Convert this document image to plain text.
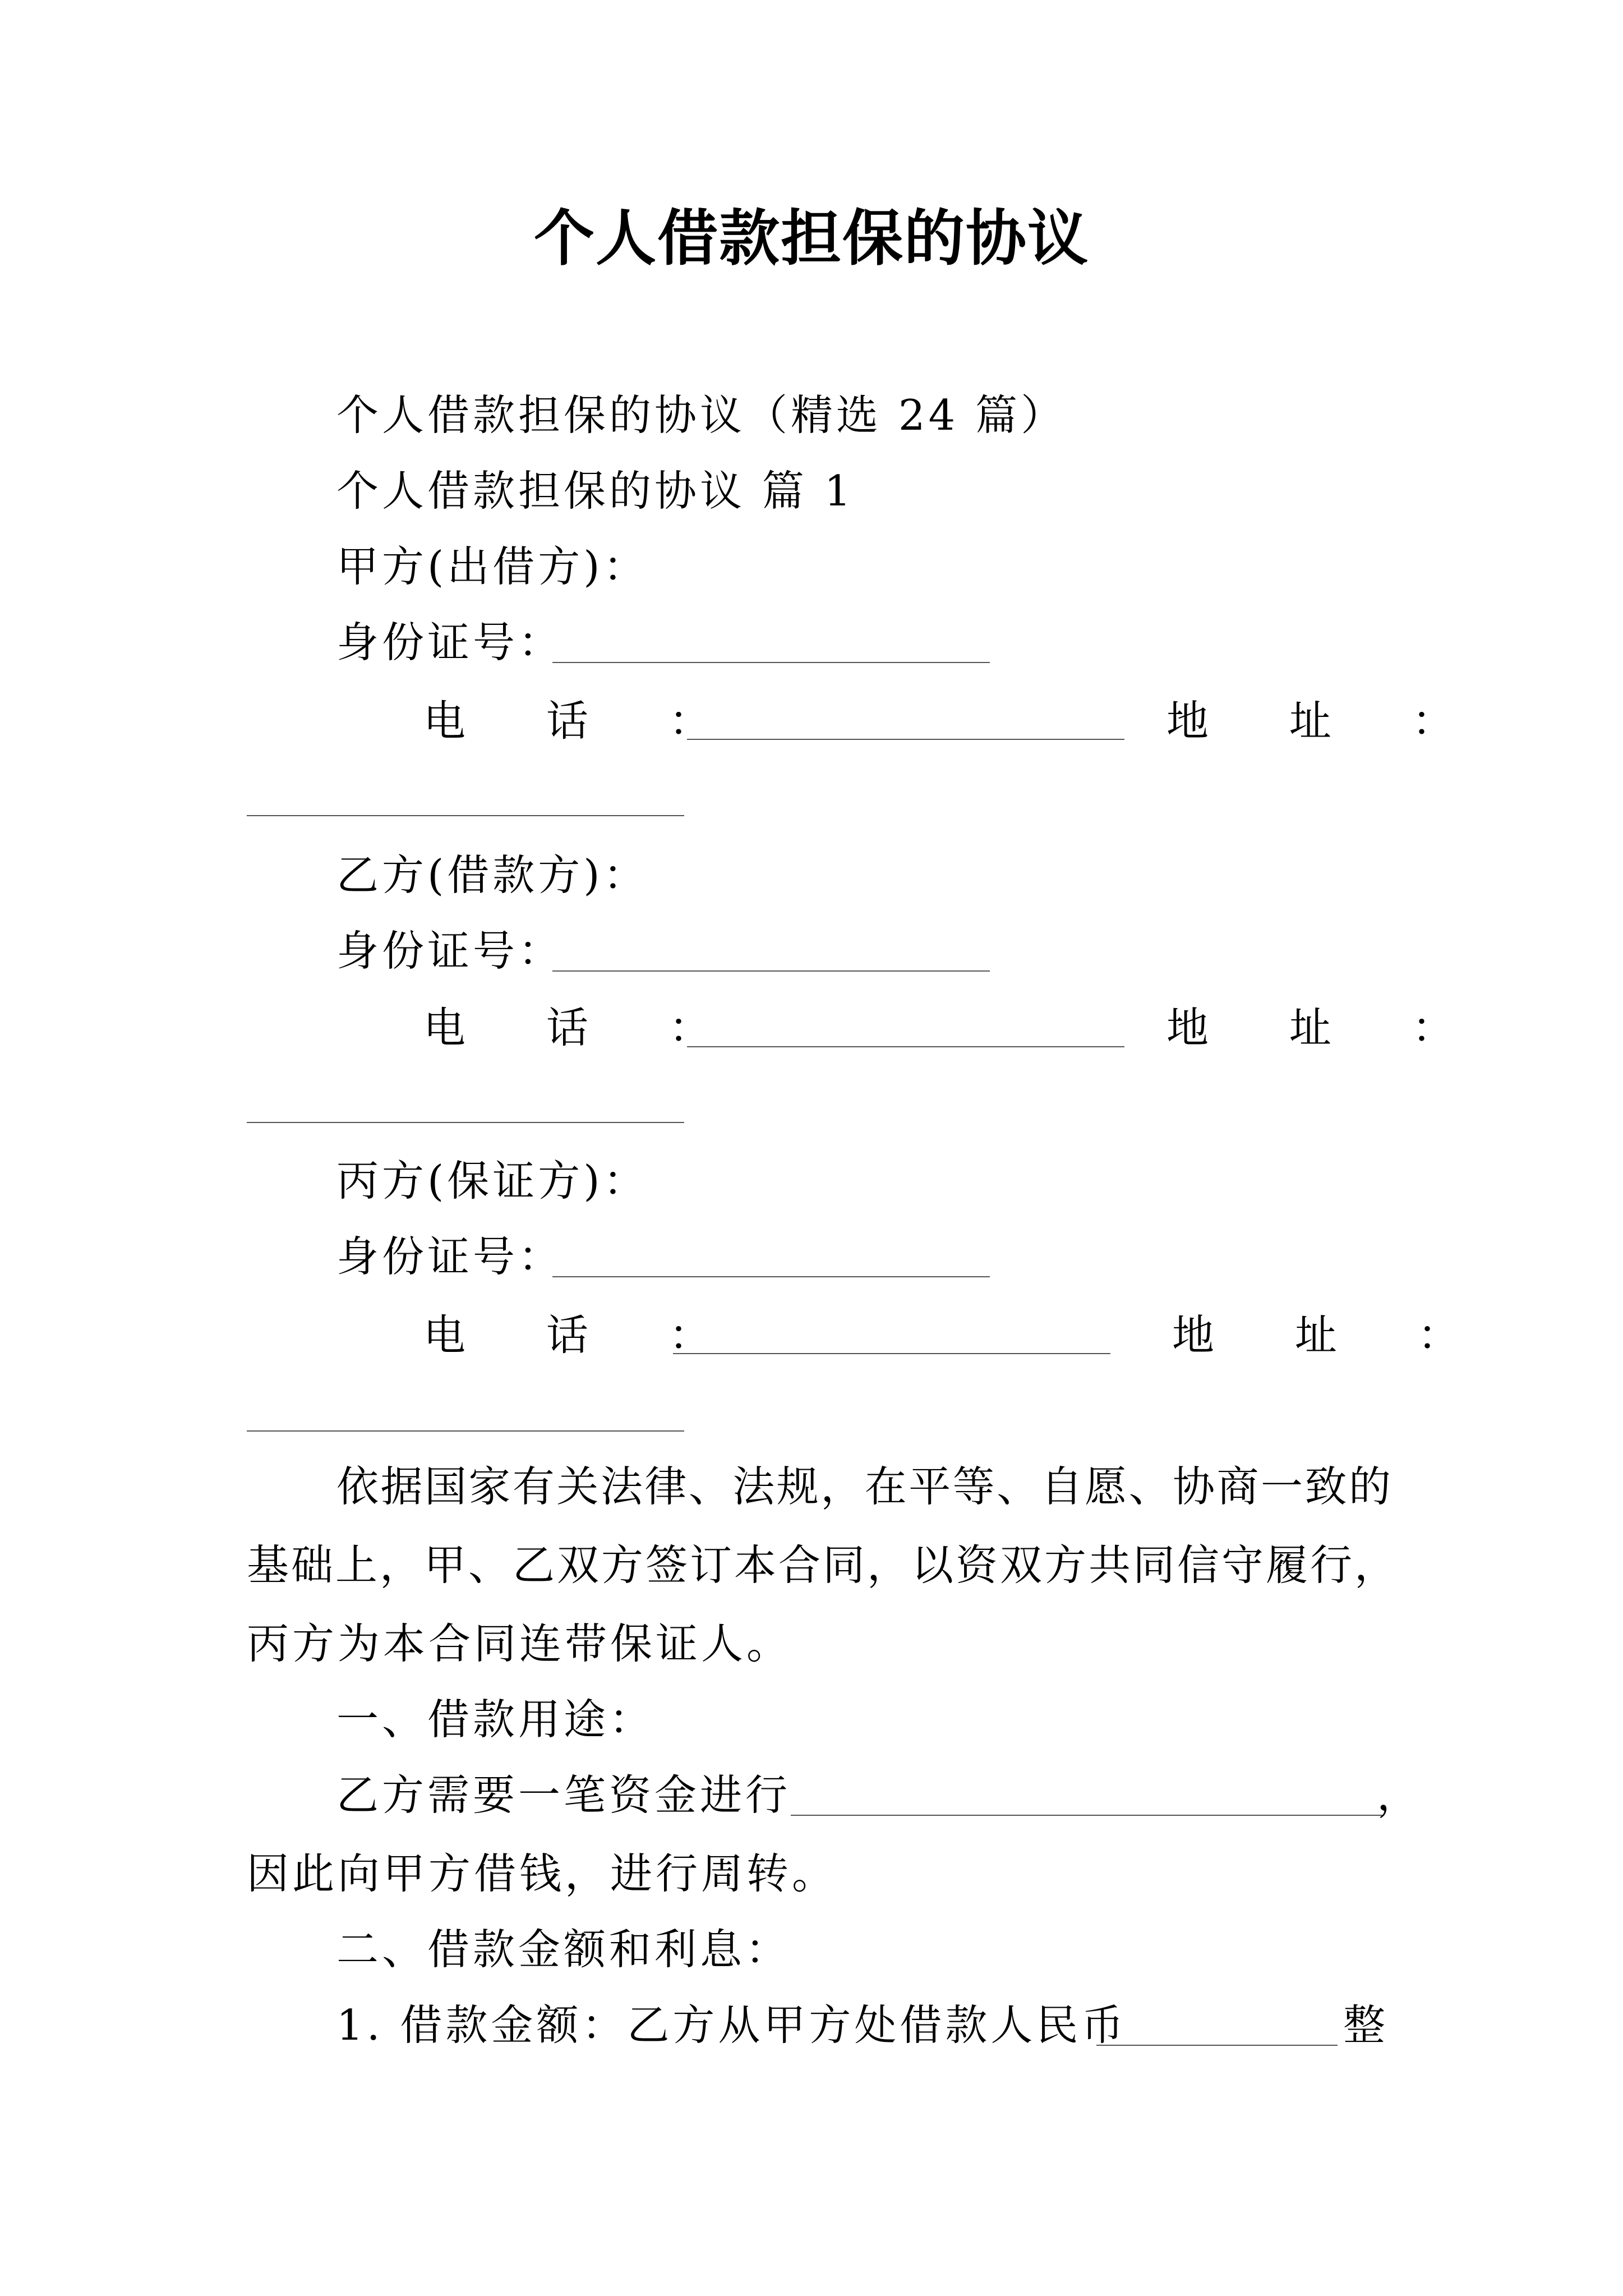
个人借款担保的协议
个人借款担保的协议（精选 24 篇）
个人借款担保的协议 篇 1
甲方(出借方)：
身份证号：
电 话 ：	地 址 ：
乙方(借款方)：
身份证号：
电 话 ：	地 址 ：
丙方(保证方)：
身份证号：
电 话 ：	地 址 ：
依据国家有关法律、法规，在平等、自愿、协商一致的
基础上，甲、乙双方签订本合同，以资双方共同信守履行，
丙方为本合同连带保证人。
一、借款用途：
乙方需要一笔资金进行	，
因此向甲方借钱，进行周转。
二、借款金额和利息：
1. 借款金额：乙方从甲方处借款人民币	整
